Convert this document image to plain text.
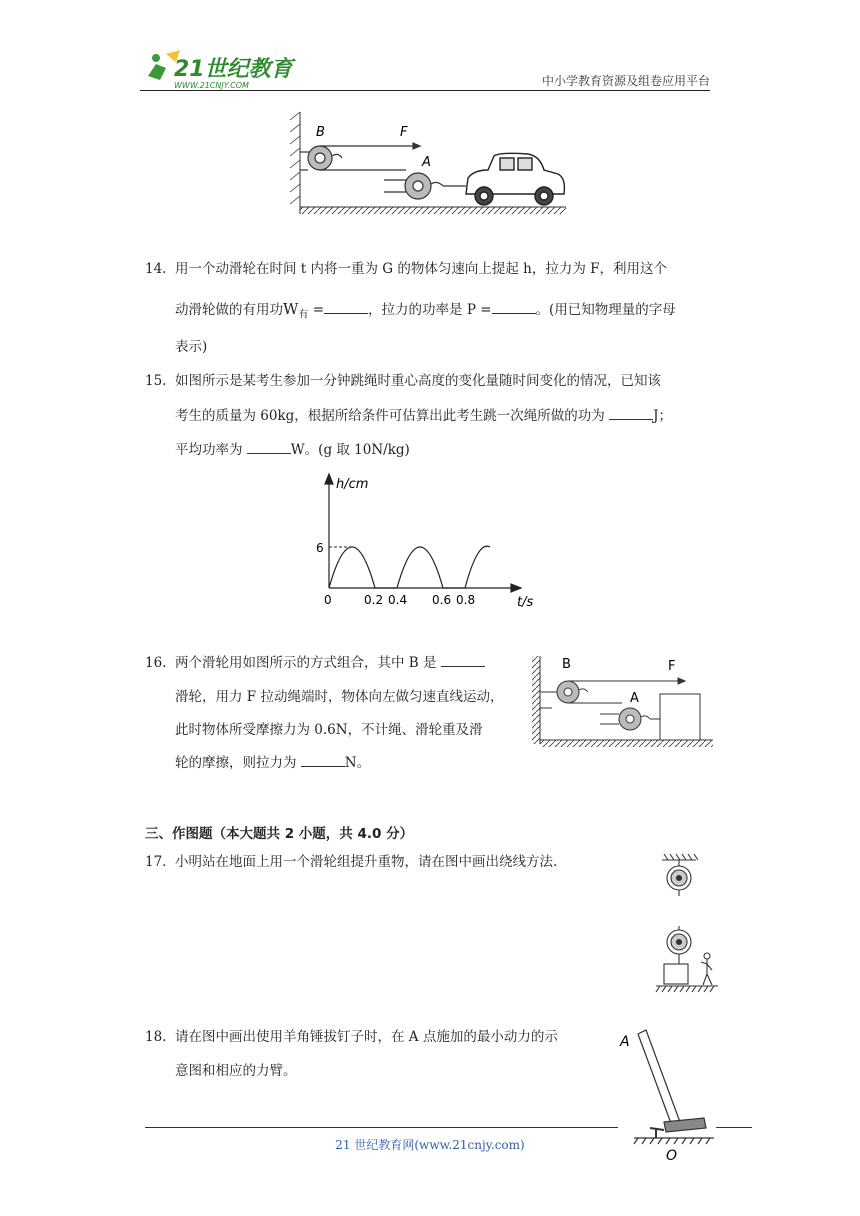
21世纪教育
WWW.21CNJY.COM	中小学教育资源及组卷应用平台
B	F
A
14. 用一个动滑轮在时间 t 内将一重为 G 的物体匀速向上提起 h，拉力为 F，利用这个
动滑轮做的有用功$W_有$ =	，拉力的功率是 P =	。(用已知物理量的字母
表示)
15. 如图所示是某考生参加一分钟跳绳时重心高度的变化量随时间变化的情况，已知该
考生的质量为 60kg，根据所给条件可估算出此考生跳一次绳所做的功为	J；
平均功率为	W。(g 取 10N/kg)
h/cm
6
0	0.2 0.4 0.6 0.8	t/s
16. 两个滑轮用如图所示的方式组合，其中 B 是
滑轮，用力 F 拉动绳端时，物体向左做匀速直线运动，
此时物体所受摩擦力为 0.6N，不计绳、滑轮重及滑
轮的摩擦，则拉力为	N。
B	F
A
三、作图题（本大题共 2 小题，共 4.0 分）
17. 小明站在地面上用一个滑轮组提升重物，请在图中画出绕线方法.
18. 请在图中画出使用羊角锤拔钉子时，在 A 点施加的最小动力的示
意图和相应的力臂。
A
O
21 世纪教育网(www.21cnjy.com)
